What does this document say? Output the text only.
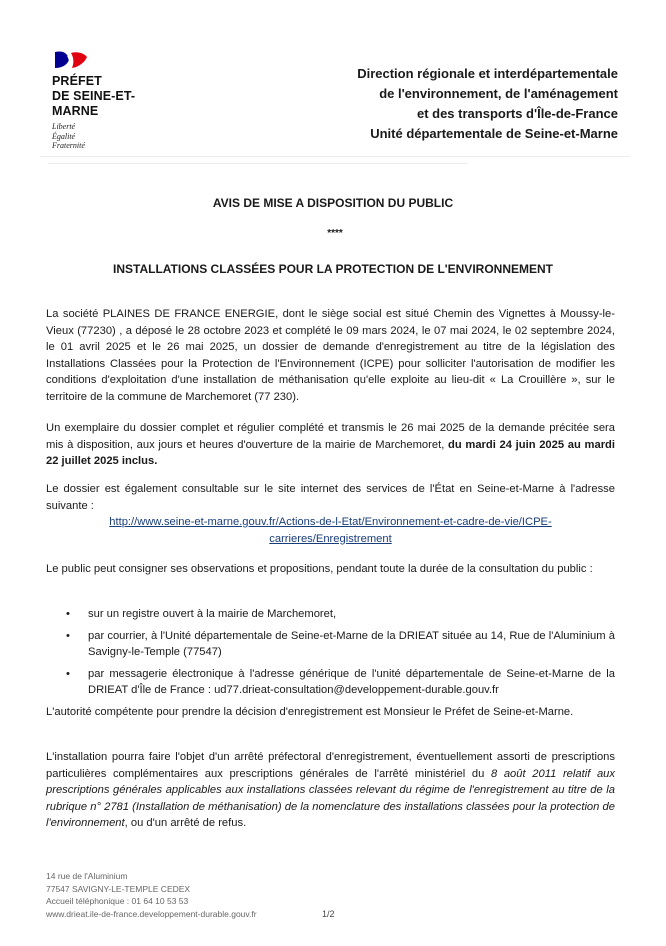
PRÉFET
DE SEINE-ET-MARNE
Liberté
Égalité
Fraternité
Direction régionale et interdépartementale
de l'environnement, de l'aménagement
et des transports d'Île-de-France
Unité départementale de Seine-et-Marne
AVIS DE MISE A DISPOSITION DU PUBLIC
****
INSTALLATIONS CLASSÉES POUR LA PROTECTION DE L'ENVIRONNEMENT

La société PLAINES DE FRANCE ENERGIE, dont le siège social est situé Chemin des Vignettes à Moussy-le-Vieux (77230) , a déposé le 28 octobre 2023 et complété le 09 mars 2024, le 07 mai 2024, le 02 septembre 2024, le 01 avril 2025 et le 26 mai 2025, un dossier de demande d'enregistrement au titre de la législation des Installations Classées pour la Protection de l'Environnement (ICPE) pour solliciter l'autorisation de modifier les conditions d'exploitation d'une installation de méthanisation qu'elle exploite au lieu-dit « La Crouillère », sur le territoire de la commune de Marchemoret (77 230).

Un exemplaire du dossier complet et régulier complété et transmis le 26 mai 2025 de la demande précitée sera mis à disposition, aux jours et heures d'ouverture de la mairie de Marchemoret, du mardi 24 juin 2025 au mardi 22 juillet 2025 inclus.

Le dossier est également consultable sur le site internet des services de l'État en Seine-et-Marne à l'adresse suivante :

http://www.seine-et-marne.gouv.fr/Actions-de-l-Etat/Environnement-et-cadre-de-vie/ICPE-
carrieres/Enregistrement

Le public peut consigner ses observations et propositions, pendant toute la durée de la consultation du public :

• sur un registre ouvert à la mairie de Marchemoret,
• par courrier, à l'Unité départementale de Seine-et-Marne de la DRIEAT située au 14, Rue de l'Aluminium à Savigny-le-Temple (77547)
• par messagerie électronique à l'adresse générique de l'unité départementale de Seine-et-Marne de la DRIEAT d'Île de France : ud77.drieat-consultation@developpement-durable.gouv.fr

L'autorité compétente pour prendre la décision d'enregistrement est Monsieur le Préfet de Seine-et-Marne.

L'installation pourra faire l'objet d'un arrêté préfectoral d'enregistrement, éventuellement assorti de prescriptions particulières complémentaires aux prescriptions générales de l'arrêté ministériel du 8 août 2011 relatif aux prescriptions générales applicables aux installations classées relevant du régime de l'enregistrement au titre de la rubrique n° 2781 (Installation de méthanisation) de la nomenclature des installations classées pour la protection de l'environnement, ou d'un arrêté de refus.

14 rue de l'Aluminium
77547 SAVIGNY-LE-TEMPLE CEDEX
Accueil téléphonique : 01 64 10 53 53
www.drieat.ile-de-france.developpement-durable.gouv.fr	1/2
